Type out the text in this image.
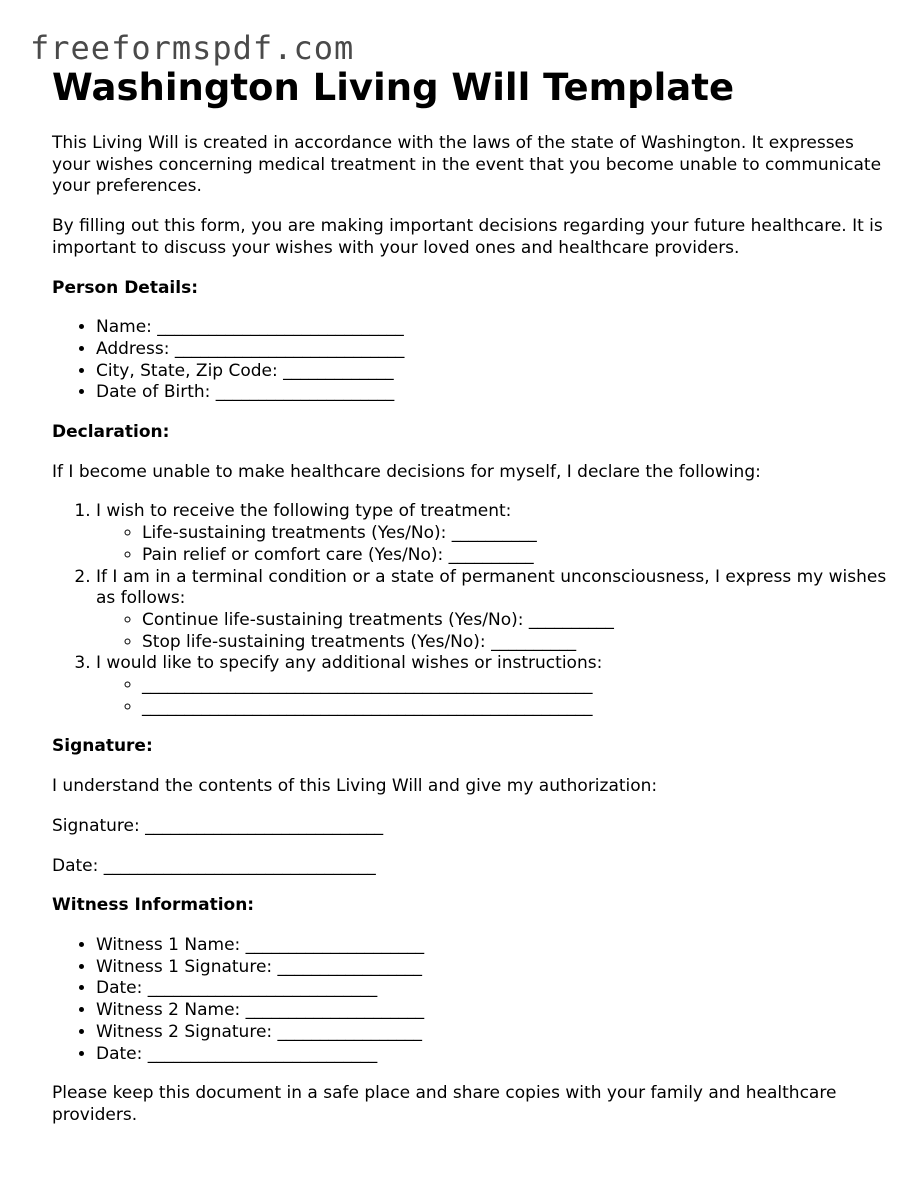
freeformspdf.com
Washington Living Will Template

This Living Will is created in accordance with the laws of the state of Washington. It expresses your wishes concerning medical treatment in the event that you become unable to communicate your preferences.

By filling out this form, you are making important decisions regarding your future healthcare. It is important to discuss your wishes with your loved ones and healthcare providers.

Person Details:

• Name: _____________________________
• Address: ___________________________
• City, State, Zip Code: _____________
• Date of Birth: _____________________

Declaration:

If I become unable to make healthcare decisions for myself, I declare the following:

1. I wish to receive the following type of treatment:
◦ Life-sustaining treatments (Yes/No): __________
◦ Pain relief or comfort care (Yes/No): __________
2. If I am in a terminal condition or a state of permanent unconsciousness, I express my wishes as follows:
◦ Continue life-sustaining treatments (Yes/No): __________
◦ Stop life-sustaining treatments (Yes/No): __________
3. I would like to specify any additional wishes or instructions:
◦ _____________________________________________________
◦ _____________________________________________________

Signature:

I understand the contents of this Living Will and give my authorization:

Signature: ____________________________

Date: ________________________________

Witness Information:

• Witness 1 Name: _____________________
• Witness 1 Signature: _________________
• Date: ___________________________
• Witness 2 Name: _____________________
• Witness 2 Signature: _________________
• Date: ___________________________

Please keep this document in a safe place and share copies with your family and healthcare providers.
